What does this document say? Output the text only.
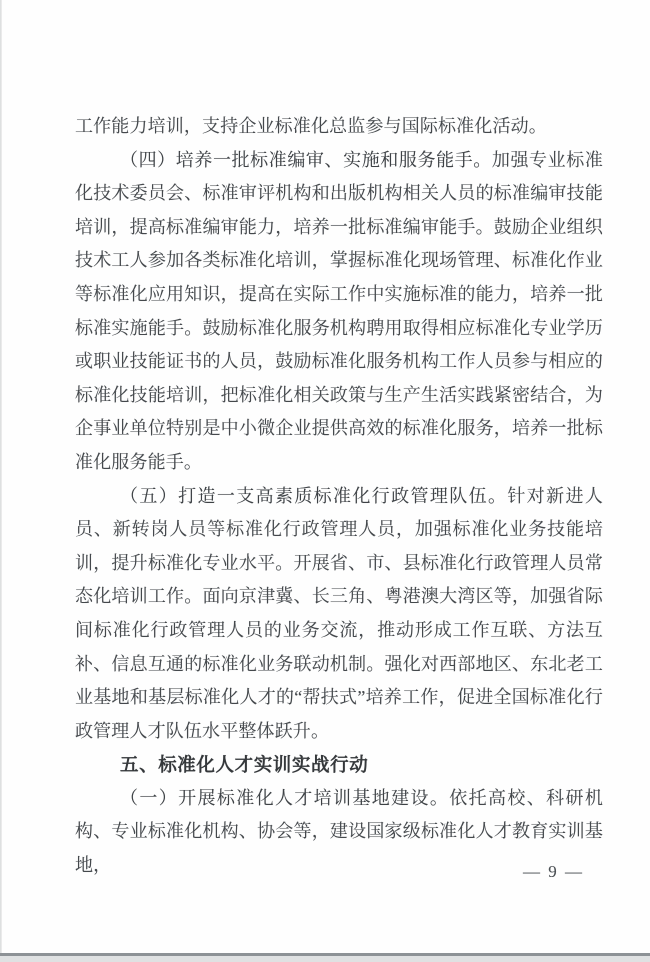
工作能力培训，支持企业标准化总监参与国际标准化活动。

（四）培养一批标准编审、实施和服务能手。加强专业标准化技术委员会、标准审评机构和出版机构相关人员的标准编审技能培训，提高标准编审能力，培养一批标准编审能手。鼓励企业组织技术工人参加各类标准化培训，掌握标准化现场管理、标准化作业等标准化应用知识，提高在实际工作中实施标准的能力，培养一批标准实施能手。鼓励标准化服务机构聘用取得相应标准化专业学历或职业技能证书的人员，鼓励标准化服务机构工作人员参与相应的标准化技能培训，把标准化相关政策与生产生活实践紧密结合，为企事业单位特别是中小微企业提供高效的标准化服务，培养一批标准化服务能手。

（五）打造一支高素质标准化行政管理队伍。针对新进人员、新转岗人员等标准化行政管理人员，加强标准化业务技能培训，提升标准化专业水平。开展省、市、县标准化行政管理人员常态化培训工作。面向京津冀、长三角、粤港澳大湾区等，加强省际间标准化行政管理人员的业务交流，推动形成工作互联、方法互补、信息互通的标准化业务联动机制。强化对西部地区、东北老工业基地和基层标准化人才的“帮扶式”培养工作，促进全国标准化行政管理人才队伍水平整体跃升。

五、标准化人才实训实战行动

（一）开展标准化人才培训基地建设。依托高校、科研机构、专业标准化机构、协会等，建设国家级标准化人才教育实训基地，	— 9 —
